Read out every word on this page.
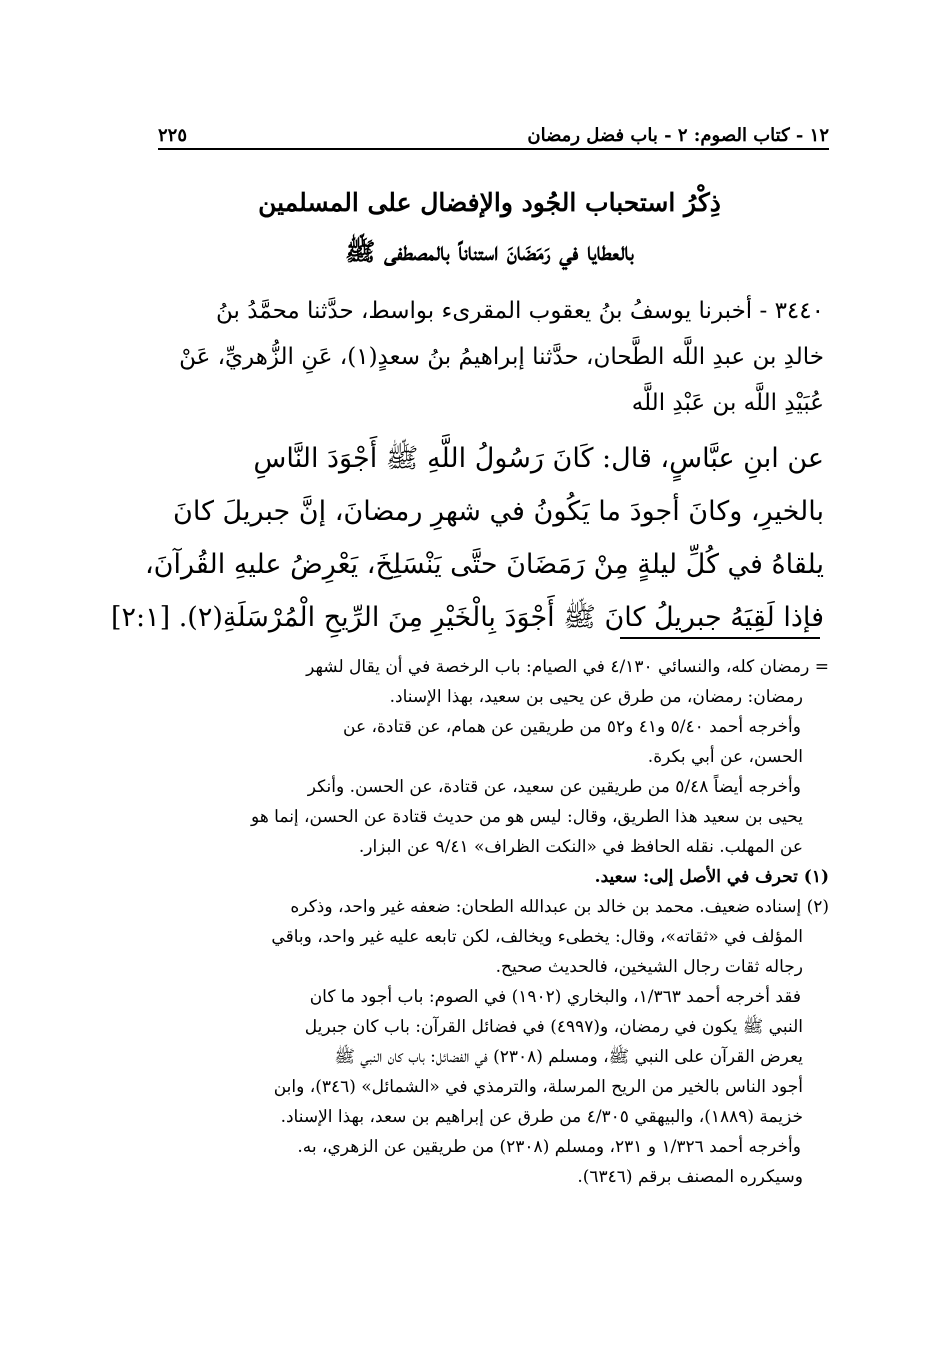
١٢ - كتاب الصوم: ٢ - باب فضل رمضان
٢٢٥
ذِكْرُ استحباب الجُود والإفضال على المسلمين
بالعطايا في رَمَضَانَ استناناً بالمصطفى ﷺ

٣٤٤٠ - أخبرنا يوسفُ بنُ يعقوب المقرىء بواسط، حدَّثنا محمَّدُ بنُ

خالدِ بن عبدِ اللَّه الطَّحان، حدَّثنا إبراهيمُ بنُ سعدٍ(١)، عَنِ الزُّهريِّ، عَنْ

عُبَيْدِ اللَّه بن عَبْدِ اللَّه

عن ابنِ عبَّاسٍ، قال: كَانَ رَسُولُ اللَّهِ ﷺ أَجْوَدَ النَّاسِ

بالخيرِ، وكانَ أجودَ ما يَكُونُ في شهرِ رمضانَ، إنَّ جبريلَ كانَ

يلقاهُ في كُلِّ ليلةٍ مِنْ رَمَضَانَ حتَّى يَنْسَلِخَ، يَعْرِضُ عليهِ القُرآنَ،

فإذا لَقِيَهُ جبريلُ كانَ ﷺ أَجْوَدَ بِالْخَيْرِ مِنَ الرِّيحِ الْمُرْسَلَةِ(٢). [٢:١]

= رمضان كله، والنسائي ٤/١٣٠ في الصيام: باب الرخصة في أن يقال لشهر

رمضان: رمضان، من طرق عن يحيى بن سعيد، بهذا الإسناد.

وأخرجه أحمد ٥/٤٠ و٤١ و٥٢ من طريقين عن همام، عن قتادة، عن

الحسن، عن أبي بكرة.

وأخرجه أيضاً ٥/٤٨ من طريقين عن سعيد، عن قتادة، عن الحسن. وأنكر

يحيى بن سعيد هذا الطريق، وقال: ليس هو من حديث قتادة عن الحسن، إنما هو

عن المهلب. نقله الحافظ في «النكت الظراف» ٩/٤١ عن البزار.

(١) تحرف في الأصل إلى: سعيد.

(٢) إسناده ضعيف. محمد بن خالد بن عبدالله الطحان: ضعفه غير واحد، وذكره

المؤلف في «ثقاته»، وقال: يخطىء ويخالف، لكن تابعه عليه غير واحد، وباقي

رجاله ثقات رجال الشيخين، فالحديث صحيح.

فقد أخرجه أحمد ١/٣٦٣، والبخاري (١٩٠٢) في الصوم: باب أجود ما كان

النبي ﷺ يكون في رمضان، و(٤٩٩٧) في فضائل القرآن: باب كان جبريل

يعرض القرآن على النبي ﷺ، ومسلم (٢٣٠٨) في الفضائل: باب كان النبي ﷺ

أجود الناس بالخير من الريح المرسلة، والترمذي في «الشمائل» (٣٤٦)، وابن

خزيمة (١٨٨٩)، والبيهقي ٤/٣٠٥ من طرق عن إبراهيم بن سعد، بهذا الإسناد.

وأخرجه أحمد ١/٣٢٦ و ٢٣١، ومسلم (٢٣٠٨) من طريقين عن الزهري، به.

وسيكرره المصنف برقم (٦٣٤٦).
